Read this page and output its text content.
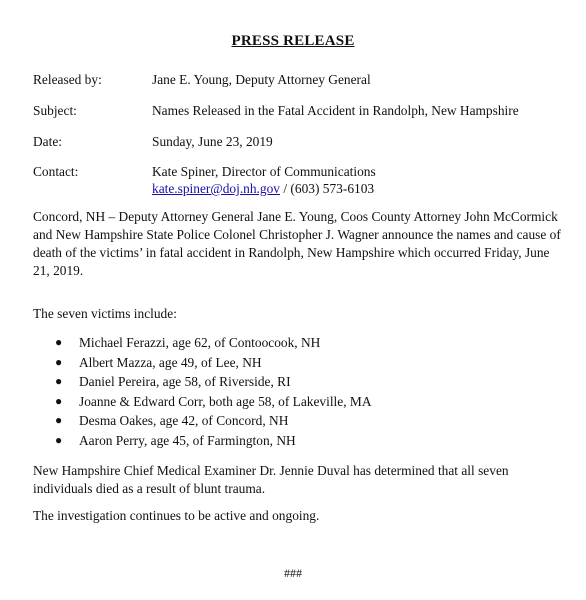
PRESS RELEASE
Released by:	Jane E. Young, Deputy Attorney General
Subject:	Names Released in the Fatal Accident in Randolph, New Hampshire
Date:	Sunday, June 23, 2019
Contact:	Kate Spiner, Director of Communications
kate.spiner@doj.nh.gov / (603) 573-6103
Concord, NH – Deputy Attorney General Jane E. Young, Coos County Attorney John McCormick and New Hampshire State Police Colonel Christopher J. Wagner announce the names and cause of death of the victims’ in fatal accident in Randolph, New Hampshire which occurred Friday, June 21, 2019.
The seven victims include:
● Michael Ferazzi, age 62, of Contoocook, NH
● Albert Mazza, age 49, of Lee, NH
● Daniel Pereira, age 58, of Riverside, RI
● Joanne & Edward Corr, both age 58, of Lakeville, MA
● Desma Oakes, age 42, of Concord, NH
● Aaron Perry, age 45, of Farmington, NH
New Hampshire Chief Medical Examiner Dr. Jennie Duval has determined that all seven individuals died as a result of blunt trauma.
The investigation continues to be active and ongoing.
###
